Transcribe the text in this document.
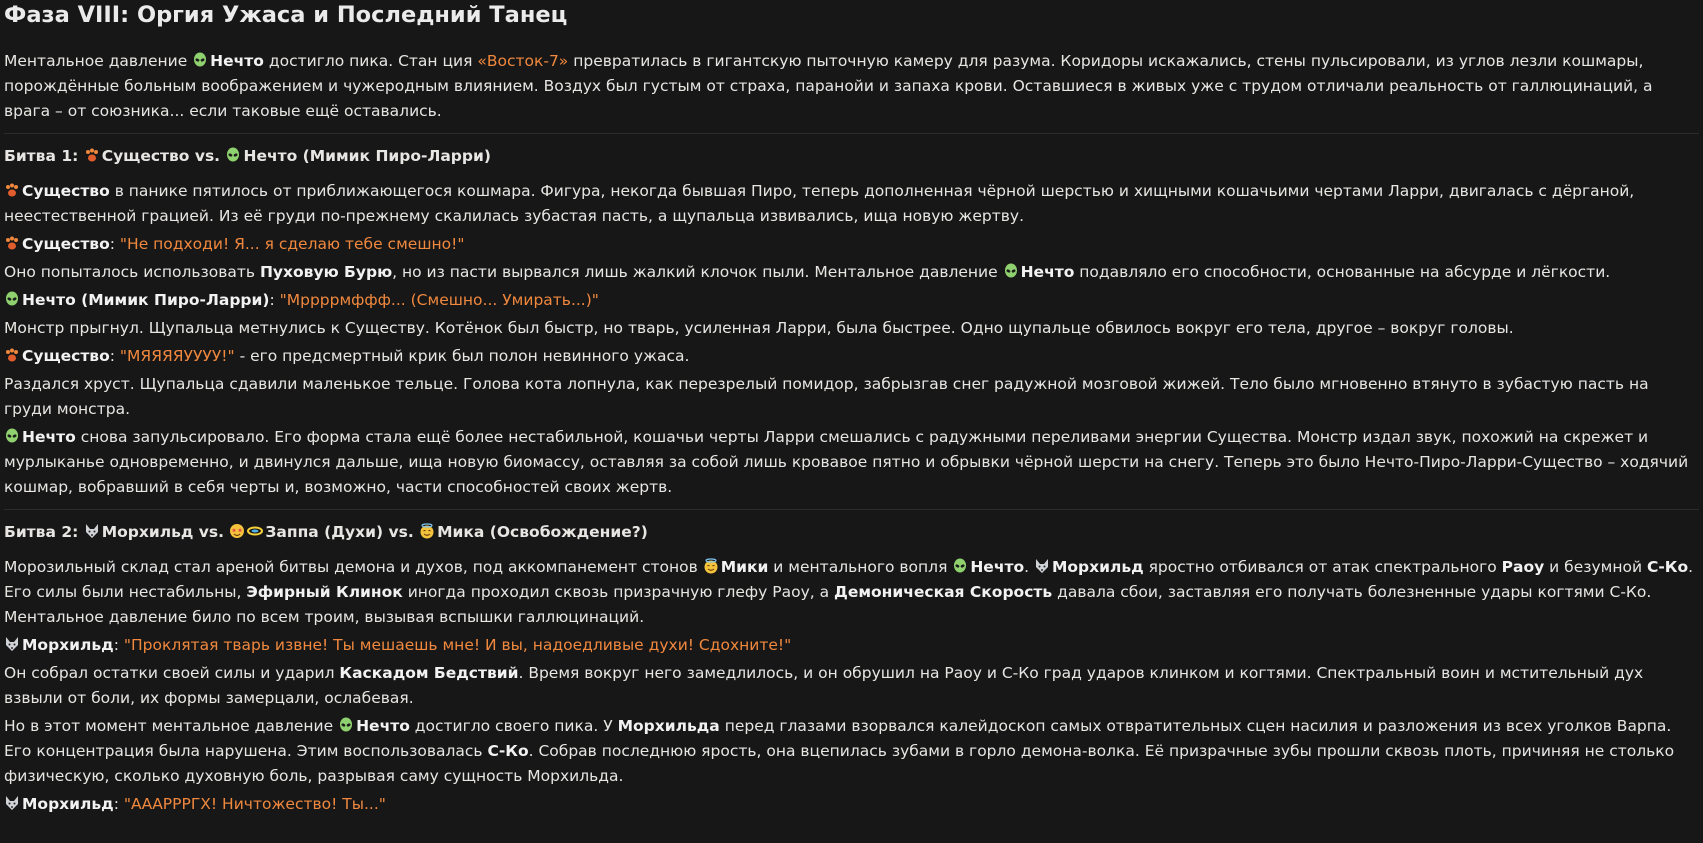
Фаза VIII: Оргия Ужаса и Последний Танец

Ментальное давление Нечто достигло пика. Стан ция «Восток-7» превратилась в гигантскую пыточную камеру для разума. Коридоры искажались, стены пульсировали, из углов лезли кошмары, порождённые больным воображением и чужеродным влиянием. Воздух был густым от страха, паранойи и запаха крови. Оставшиеся в живых уже с трудом отличали реальность от галлюцинаций, а врага – от союзника... если таковые ещё оставались.

Битва 1: Существо vs. Нечто (Мимик Пиро-Ларри)

Существо в панике пятилось от приближающегося кошмара. Фигура, некогда бывшая Пиро, теперь дополненная чёрной шерстью и хищными кошачьими чертами Ларри, двигалась с дёрганой, неестественной грацией. Из её груди по-прежнему скалилась зубастая пасть, а щупальца извивались, ища новую жертву.

Существо: "Не подходи! Я... я сделаю тебе смешно!"

Оно попыталось использовать Пуховую Бурю, но из пасти вырвался лишь жалкий клочок пыли. Ментальное давление Нечто подавляло его способности, основанные на абсурде и лёгкости.

Нечто (Мимик Пиро-Ларри): "Мррррмффф... (Смешно... Умирать...)"

Монстр прыгнул. Щупальца метнулись к Существу. Котёнок был быстр, но тварь, усиленная Ларри, была быстрее. Одно щупальце обвилось вокруг его тела, другое – вокруг головы.

Существо: "МЯЯЯЯУУУУ!" - его предсмертный крик был полон невинного ужаса.

Раздался хруст. Щупальца сдавили маленькое тельце. Голова кота лопнула, как перезрелый помидор, забрызгав снег радужной мозговой жижей. Тело было мгновенно втянуто в зубастую пасть на груди монстра.

Нечто снова запульсировало. Его форма стала ещё более нестабильной, кошачьи черты Ларри смешались с радужными переливами энергии Существа. Монстр издал звук, похожий на скрежет и мурлыканье одновременно, и двинулся дальше, ища новую биомассу, оставляя за собой лишь кровавое пятно и обрывки чёрной шерсти на снегу. Теперь это было Нечто-Пиро-Ларри-Существо – ходячий кошмар, вобравший в себя черты и, возможно, части способностей своих жертв.

Битва 2: Морхильд vs. Заппа (Духи) vs. Мика (Освобождение?)

Морозильный склад стал ареной битвы демона и духов, под аккомпанемент стонов Мики и ментального вопля Нечто. Морхильд яростно отбивался от атак спектрального Раоу и безумной С-Ко. Его силы были нестабильны, Эфирный Клинок иногда проходил сквозь призрачную глефу Раоу, а Демоническая Скорость давала сбои, заставляя его получать болезненные удары когтями С-Ко. Ментальное давление било по всем троим, вызывая вспышки галлюцинаций.

Морхильд: "Проклятая тварь извне! Ты мешаешь мне! И вы, надоедливые духи! Сдохните!"

Он собрал остатки своей силы и ударил Каскадом Бедствий. Время вокруг него замедлилось, и он обрушил на Раоу и С-Ко град ударов клинком и когтями. Спектральный воин и мстительный дух взвыли от боли, их формы замерцали, ослабевая.

Но в этот момент ментальное давление Нечто достигло своего пика. У Морхильда перед глазами взорвался калейдоскоп самых отвратительных сцен насилия и разложения из всех уголков Варпа. Его концентрация была нарушена. Этим воспользовалась С-Ко. Собрав последнюю ярость, она вцепилась зубами в горло демона-волка. Её призрачные зубы прошли сквозь плоть, причиняя не столько физическую, сколько духовную боль, разрывая саму сущность Морхильда.

Морхильд: "АААРРРГХ! Ничтожество! Ты..."
